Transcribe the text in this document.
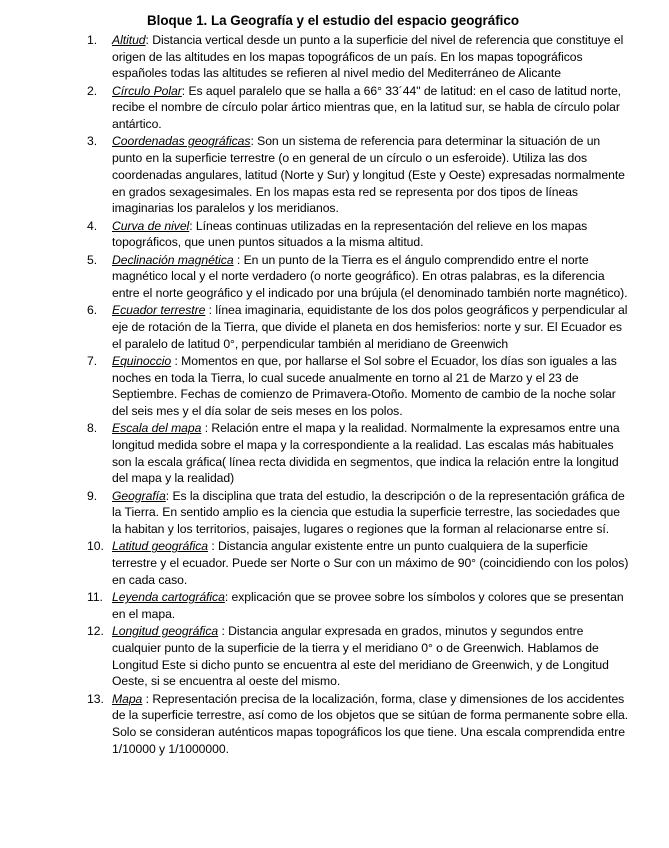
Bloque 1. La Geografía y el estudio del espacio geográfico
1.	Altitud: Distancia vertical desde un punto a la superficie del nivel de referencia que constituye el origen de las altitudes en los mapas topográficos de un país. En los mapas topográficos españoles todas las altitudes se refieren al nivel medio del Mediterráneo de Alicante
2.	Círculo Polar: Es aquel paralelo que se halla a 66° 33´44" de latitud: en el caso de latitud norte, recibe el nombre de círculo polar ártico mientras que, en la latitud sur, se habla de círculo polar antártico.
3.	Coordenadas geográficas: Son un sistema de referencia para determinar la situación de un punto en la superficie terrestre (o en general de un círculo o un esferoide). Utiliza las dos coordenadas angulares, latitud (Norte y Sur) y longitud (Este y Oeste) expresadas normalmente en grados sexagesimales. En los mapas esta red se representa por dos tipos de líneas imaginarias los paralelos y los meridianos.
4.	Curva de nivel: Líneas continuas utilizadas en la representación del relieve en los mapas topográficos, que unen puntos situados a la misma altitud.
5.	Declinación magnética : En un punto de la Tierra es el ángulo comprendido entre el norte magnético local y el norte verdadero (o norte geográfico). En otras palabras, es la diferencia entre el norte geográfico y el indicado por una brújula (el denominado también norte magnético).
6.	Ecuador terrestre : línea imaginaria, equidistante de los dos polos geográficos y perpendicular al eje de rotación de la Tierra, que divide el planeta en dos hemisferios: norte y sur. El Ecuador es el paralelo de latitud 0°, perpendicular también al meridiano de Greenwich
7.	Equinoccio : Momentos en que, por hallarse el Sol sobre el Ecuador, los días son iguales a las noches en toda la Tierra, lo cual sucede anualmente en torno al 21 de Marzo y el 23 de Septiembre. Fechas de comienzo de Primavera-Otoño. Momento de cambio de la noche solar del seis mes y el día solar de seis meses en los polos.
8.	Escala del mapa : Relación entre el mapa y la realidad. Normalmente la expresamos entre una longitud medida sobre el mapa y la correspondiente a la realidad. Las escalas más habituales son la escala gráfica( línea recta dividida en segmentos, que indica la relación entre la longitud del mapa y la realidad)
9.	Geografía: Es la disciplina que trata del estudio, la descripción o de la representación gráfica de la Tierra. En sentido amplio es la ciencia que estudia la superficie terrestre, las sociedades que la habitan y los territorios, paisajes, lugares o regiones que la forman al relacionarse entre sí.
10. Latitud geográfica : Distancia angular existente entre un punto cualquiera de la superficie terrestre y el ecuador. Puede ser Norte o Sur con un máximo de 90° (coincidiendo con los polos) en cada caso.
11. Leyenda cartográfica: explicación que se provee sobre los símbolos y colores que se presentan en el mapa.
12. Longitud geográfica : Distancia angular expresada en grados, minutos y segundos entre cualquier punto de la superficie de la tierra y el meridiano 0° o de Greenwich. Hablamos de Longitud Este si dicho punto se encuentra al este del meridiano de Greenwich, y de Longitud Oeste, si se encuentra al oeste del mismo.
13. Mapa : Representación precisa de la localización, forma, clase y dimensiones de los accidentes de la superficie terrestre, así como de los objetos que se sitúan de forma permanente sobre ella. Solo se consideran auténticos mapas topográficos los que tiene. Una escala comprendida entre 1/10000 y 1/1000000.
